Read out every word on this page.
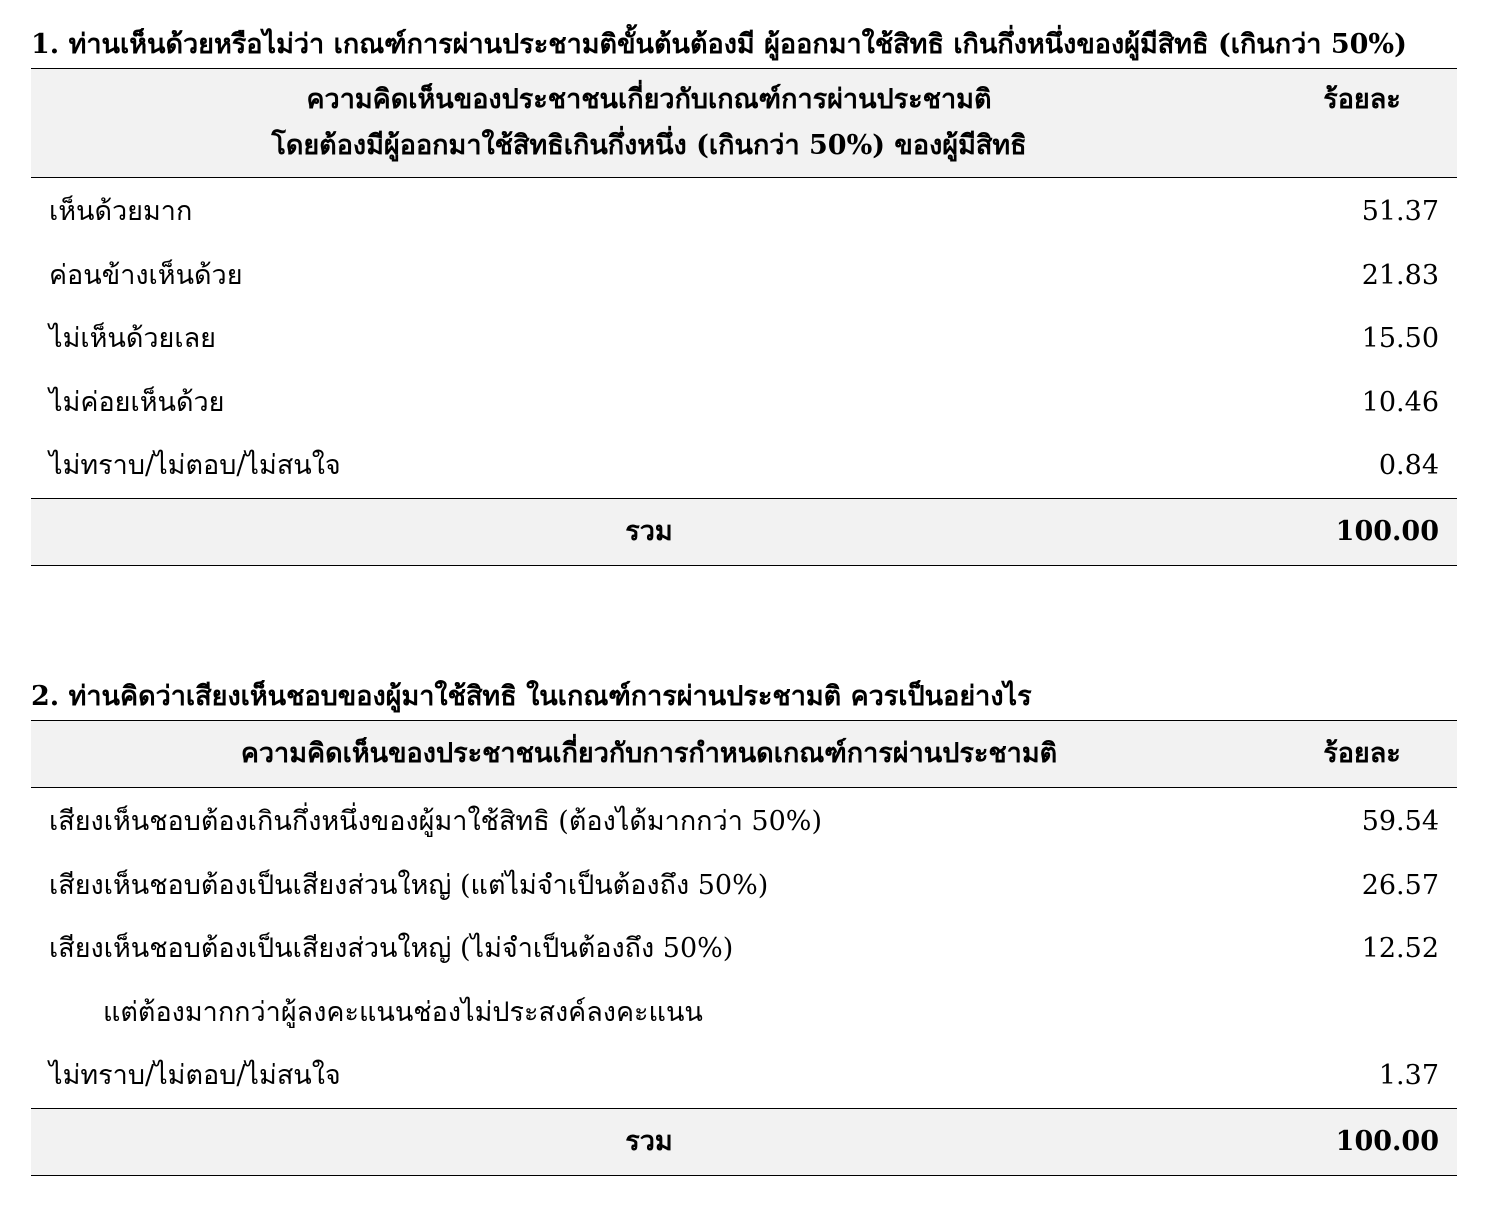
1. ท่านเห็นด้วยหรือไม่ว่า เกณฑ์การผ่านประชามติขั้นต้นต้องมี ผู้ออกมาใช้สิทธิ เกินกึ่งหนึ่งของผู้มีสิทธิ (เกินกว่า 50%)

ความคิดเห็นของประชาชนเกี่ยวกับเกณฑ์การผ่านประชามติ
โดยต้องมีผู้ออกมาใช้สิทธิเกินกึ่งหนึ่ง (เกินกว่า 50%) ของผู้มีสิทธิ	ร้อยละ

เห็นด้วยมาก	51.37
ค่อนข้างเห็นด้วย	21.83
ไม่เห็นด้วยเลย	15.50
ไม่ค่อยเห็นด้วย	10.46
ไม่ทราบ/ไม่ตอบ/ไม่สนใจ	0.84
รวม	100.00

2. ท่านคิดว่าเสียงเห็นชอบของผู้มาใช้สิทธิ ในเกณฑ์การผ่านประชามติ ควรเป็นอย่างไร

ความคิดเห็นของประชาชนเกี่ยวกับการกำหนดเกณฑ์การผ่านประชามติ	ร้อยละ

เสียงเห็นชอบต้องเกินกึ่งหนึ่งของผู้มาใช้สิทธิ (ต้องได้มากกว่า 50%)	59.54
เสียงเห็นชอบต้องเป็นเสียงส่วนใหญ่ (แต่ไม่จำเป็นต้องถึง 50%)	26.57
เสียงเห็นชอบต้องเป็นเสียงส่วนใหญ่ (ไม่จำเป็นต้องถึง 50%)	12.52
แต่ต้องมากกว่าผู้ลงคะแนนช่องไม่ประสงค์ลงคะแนน	
ไม่ทราบ/ไม่ตอบ/ไม่สนใจ	1.37
รวม	100.00
